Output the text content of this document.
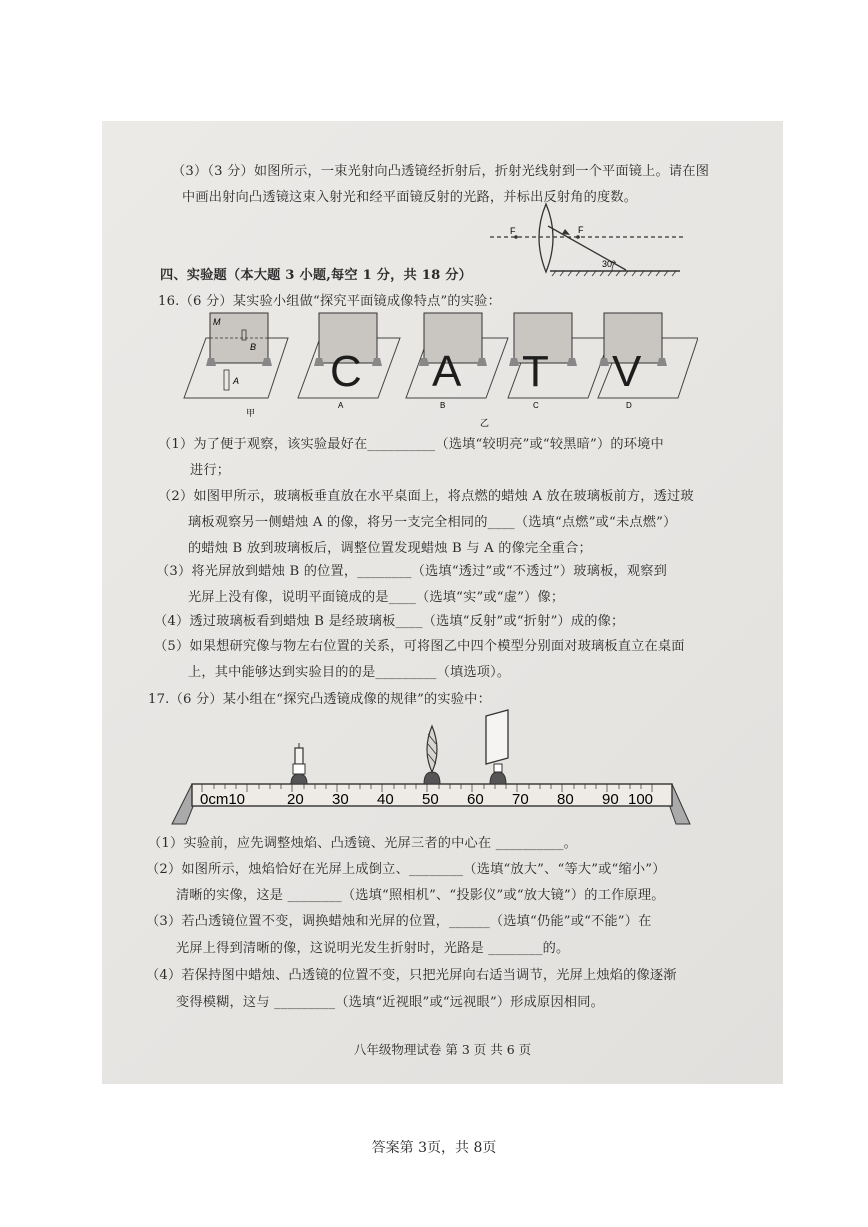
（3）（3 分）如图所示，一束光射向凸透镜经折射后，折射光线射到一个平面镜上。请在图
中画出射向凸透镜这束入射光和经平面镜反射的光路，并标出反射角的度数。
F	F
30°
四、实验题（本大题 3 小题,每空 1 分，共 18 分）
16.（6 分）某实验小组做“探究平面镜成像特点”的实验：
M
B
A C
A
A
B
T
C
V
D
甲
乙
（1）为了便于观察，该实验最好在__________（选填“较明亮”或“较黑暗”）的环境中
进行；
（2）如图甲所示，玻璃板垂直放在水平桌面上，将点燃的蜡烛 A 放在玻璃板前方，透过玻
璃板观察另一侧蜡烛 A 的像，将另一支完全相同的____（选填“点燃”或“未点燃”）
的蜡烛 B 放到玻璃板后，调整位置发现蜡烛 B 与 A 的像完全重合；
（3）将光屏放到蜡烛 B 的位置，________（选填“透过”或“不透过”）玻璃板，观察到
光屏上没有像，说明平面镜成的是____（选填“实”或“虚”）像；
（4）透过玻璃板看到蜡烛 B 是经玻璃板____（选填“反射”或“折射”）成的像；
（5）如果想研究像与物左右位置的关系，可将图乙中四个模型分别面对玻璃板直立在桌面
上，其中能够达到实验目的的是_________（填选项）。
17.（6 分）某小组在“探究凸透镜成像的规律”的实验中：
0cm10	20 30 40 50 60 70 80 90 100
（1）实验前，应先调整烛焰、凸透镜、光屏三者的中心在 __________。
（2）如图所示，烛焰恰好在光屏上成倒立、________（选填“放大”、“等大”或“缩小”）
清晰的实像，这是 ________（选填“照相机”、“投影仪”或“放大镜”）的工作原理。
（3）若凸透镜位置不变，调换蜡烛和光屏的位置，______（选填“仍能”或“不能”）在
光屏上得到清晰的像，这说明光发生折射时，光路是 ________的。
（4）若保持图中蜡烛、凸透镜的位置不变，只把光屏向右适当调节，光屏上烛焰的像逐渐
变得模糊，这与 _________（选填“近视眼”或“远视眼”）形成原因相同。
八年级物理试卷 第 3 页 共 6 页
答案第 3页，共 8页
